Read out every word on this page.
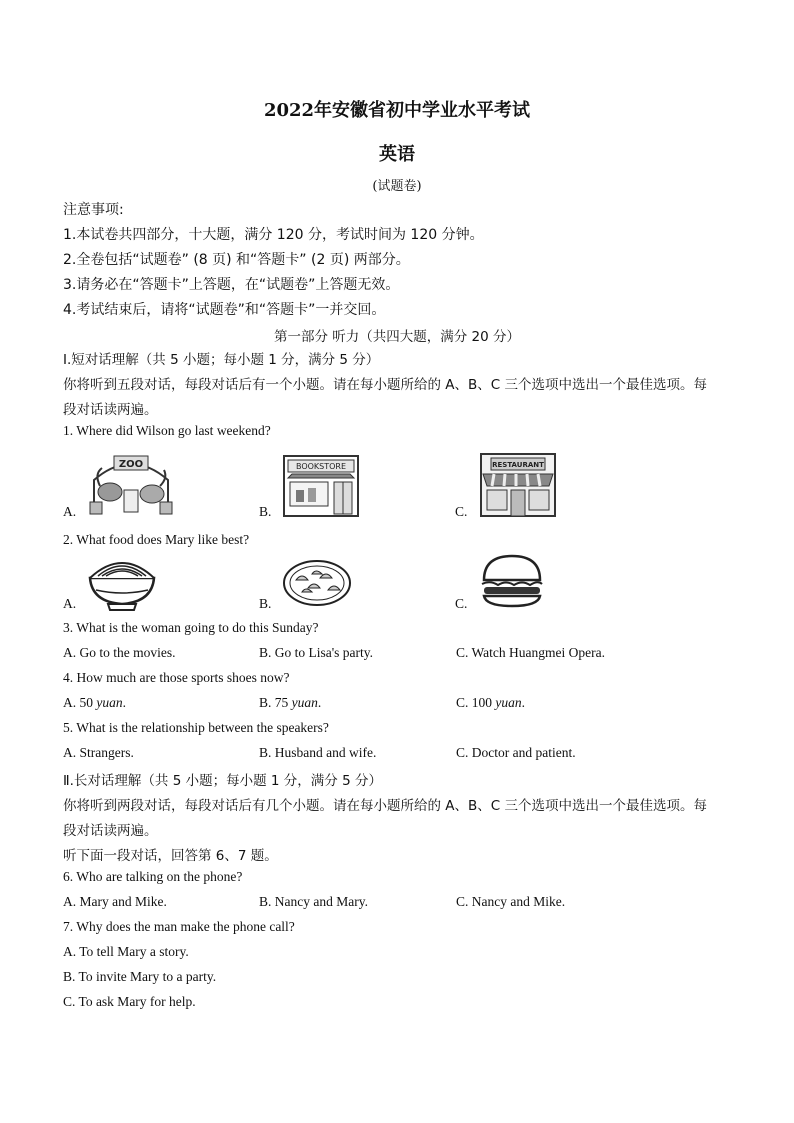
2022年安徽省初中学业水平考试
英语
(试题卷)
注意事项:
1.本试卷共四部分，十大题，满分 120 分，考试时间为 120 分钟。
2.全卷包括“试题卷” (8 页) 和“答题卡” (2 页) 两部分。
3.请务必在“答题卡”上答题，在“试题卷”上答题无效。
4.考试结束后，请将“试题卷”和“答题卡”一并交回。
第一部分 听力（共四大题，满分 20 分）
Ⅰ.短对话理解（共 5 小题；每小题 1 分，满分 5 分）
你将听到五段对话，每段对话后有一个小题。请在每小题所给的 A、B、C 三个选项中选出一个最佳选项。每
段对话读两遍。
1. Where did Wilson go last weekend?
A.
ZOO
B.
BOOKSTORE
C.
RESTAURANT
2. What food does Mary like best?
A.	B.	C.
3. What is the woman going to do this Sunday?
A. Go to the movies.	B. Go to Lisa's party.	C. Watch Huangmei Opera.
4. How much are those sports shoes now?
A. 50 yuan.	B. 75 yuan.	C. 100 yuan.
5. What is the relationship between the speakers?
A. Strangers.	B. Husband and wife.	C. Doctor and patient.
Ⅱ.长对话理解（共 5 小题；每小题 1 分，满分 5 分）
你将听到两段对话，每段对话后有几个小题。请在每小题所给的 A、B、C 三个选项中选出一个最佳选项。每
段对话读两遍。
听下面一段对话，回答第 6、7 题。
6. Who are talking on the phone?
A. Mary and Mike.	B. Nancy and Mary.	C. Nancy and Mike.
7. Why does the man make the phone call?
A. To tell Mary a story.
B. To invite Mary to a party.
C. To ask Mary for help.
